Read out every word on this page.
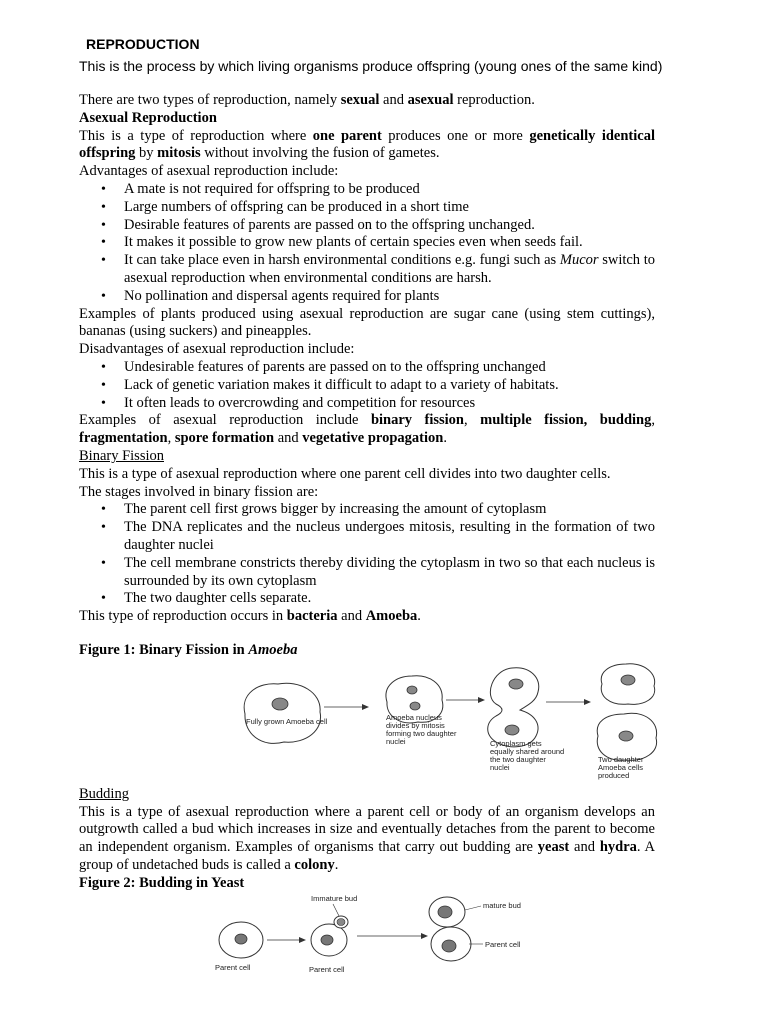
REPRODUCTION
This is the process by which living organisms produce offspring (young ones of the same kind)

There are two types of reproduction, namely sexual and asexual reproduction.

Asexual Reproduction

This is a type of reproduction where one parent produces one or more genetically identical offspring by mitosis without involving the fusion of gametes.

Advantages of asexual reproduction include:

• A mate is not required for offspring to be produced
• Large numbers of offspring can be produced in a short time
• Desirable features of parents are passed on to the offspring unchanged.
• It makes it possible to grow new plants of certain species even when seeds fail.
• It can take place even in harsh environmental conditions e.g. fungi such as Mucor switch to asexual reproduction when environmental conditions are harsh.
• No pollination and dispersal agents required for plants

Examples of plants produced using asexual reproduction are sugar cane (using stem cuttings), bananas (using suckers) and pineapples.

Disadvantages of asexual reproduction include:

• Undesirable features of parents are passed on to the offspring unchanged
• Lack of genetic variation makes it difficult to adapt to a variety of habitats.
• It often leads to overcrowding and competition for resources

Examples of asexual reproduction include binary fission, multiple fission, budding, fragmentation, spore formation and vegetative propagation.

Binary Fission

This is a type of asexual reproduction where one parent cell divides into two daughter cells.

The stages involved in binary fission are:

• The parent cell first grows bigger by increasing the amount of cytoplasm
• The DNA replicates and the nucleus undergoes mitosis, resulting in the formation of two daughter nuclei
• The cell membrane constricts thereby dividing the cytoplasm in two so that each nucleus is surrounded by its own cytoplasm
• The two daughter cells separate.

This type of reproduction occurs in bacteria and Amoeba.

Figure 1: Binary Fission in Amoeba

Fully grown Amoeba cell	Amoeba nucleus
divides by mitosis
forming two daughter
nuclei	Cytoplasm gets
equally shared around
the two daughter
nuclei
Two daughter
Amoeba cells
produced

Budding

This is a type of asexual reproduction where a parent cell or body of an organism develops an outgrowth called a bud which increases in size and eventually detaches from the parent to become an independent organism. Examples of organisms that carry out budding are yeast and hydra. A group of undetached buds is called a colony.

Figure 2: Budding in Yeast

Immature bud
Parent cell	Parent cell
mature bud
Parent cell
